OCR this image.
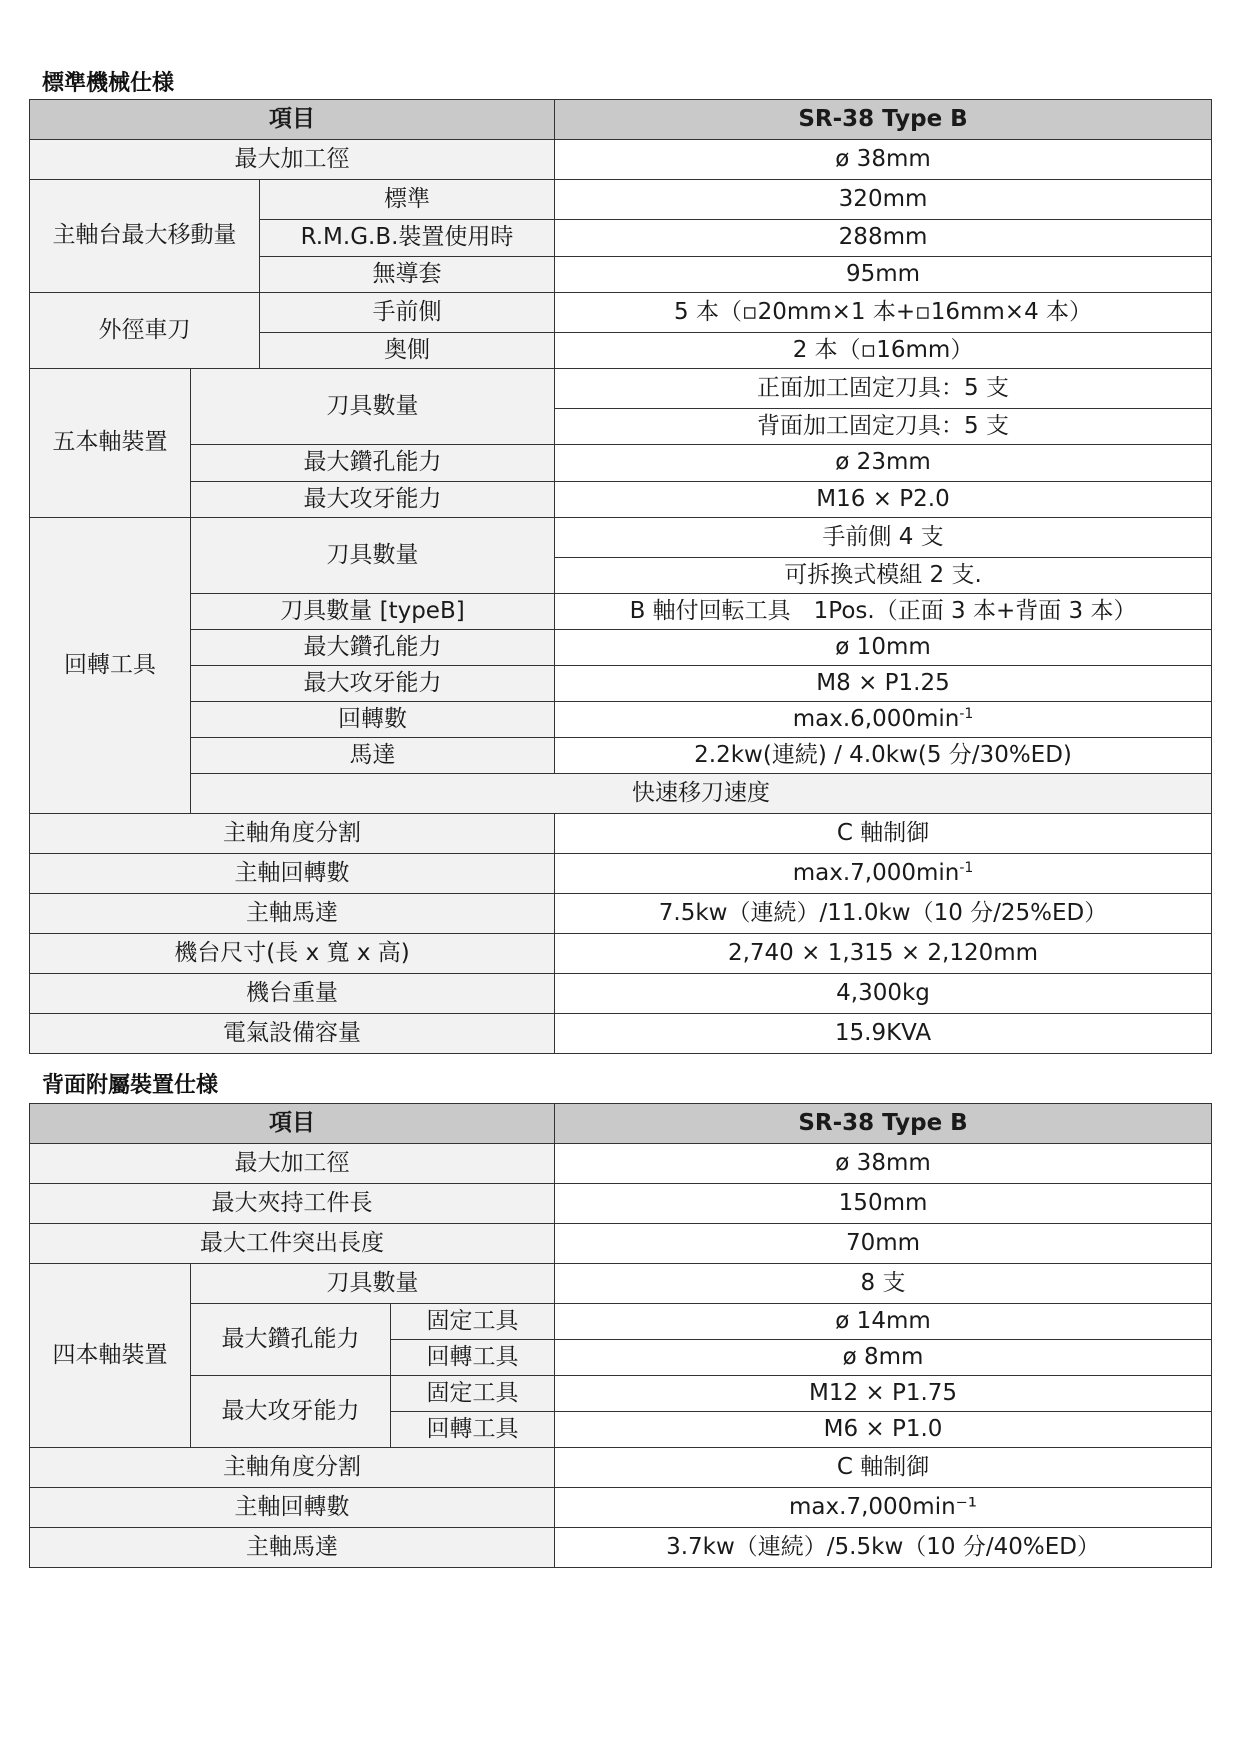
標準機械仕様
項目			SR-38 Type B	
最大加工徑			ø 38mm	
主軸台最大移動量		標準	320mm	
		R.M.G.B.裝置使用時	288mm	
		無導套	95mm	
外徑車刀		手前側	5 本（▫20mm×1 本+▫16mm×4 本）	
		奥側	2 本（▫16mm）	
五本軸裝置	刀具數量		正面加工固定刀具：5 支	
			背面加工固定刀具：5 支	
	最大鑽孔能力		ø 23mm	
	最大攻牙能力		M16 × P2.0	
回轉工具	刀具數量		手前側 4 支	
			可拆換式模組 2 支.	
	刀具數量 [typeB]		B 軸付回転工具　1Pos.（正面 3 本+背面 3 本）	
	最大鑽孔能力		ø 10mm	
	最大攻牙能力		M8 × P1.25	
	回轉數		$\max.6,000\min^{-1}$
	馬達		2.2kw(連続) / 4.0kw(5 分/30%ED)	
	快速移刀速度	
主軸角度分割			C 軸制御	
主軸回轉數			$\max.7,000\min^{-1}$
主軸馬達			7.5kw（連続）/11.0kw（10 分/25%ED）	
機台尺寸(長 x 寬 x 高)			2,740 × 1,315 × 2,120mm	
機台重量			4,300kg	
電氣設備容量			15.9KVA	
背面附屬裝置仕様
項目			SR-38 Type B
最大加工徑			ø 38mm
最大夾持工件長			150mm
最大工件突出長度			70mm
四本軸裝置	刀具數量		8 支
	最大鑽孔能力	固定工具	ø 14mm
		回轉工具	ø 8mm
	最大攻牙能力	固定工具	M12 × P1.75
		回轉工具	M6 × P1.0
主軸角度分割			C 軸制御
主軸回轉數			max.7,000min⁻¹
主軸馬達			3.7kw（連続）/5.5kw（10 分/40%ED）
